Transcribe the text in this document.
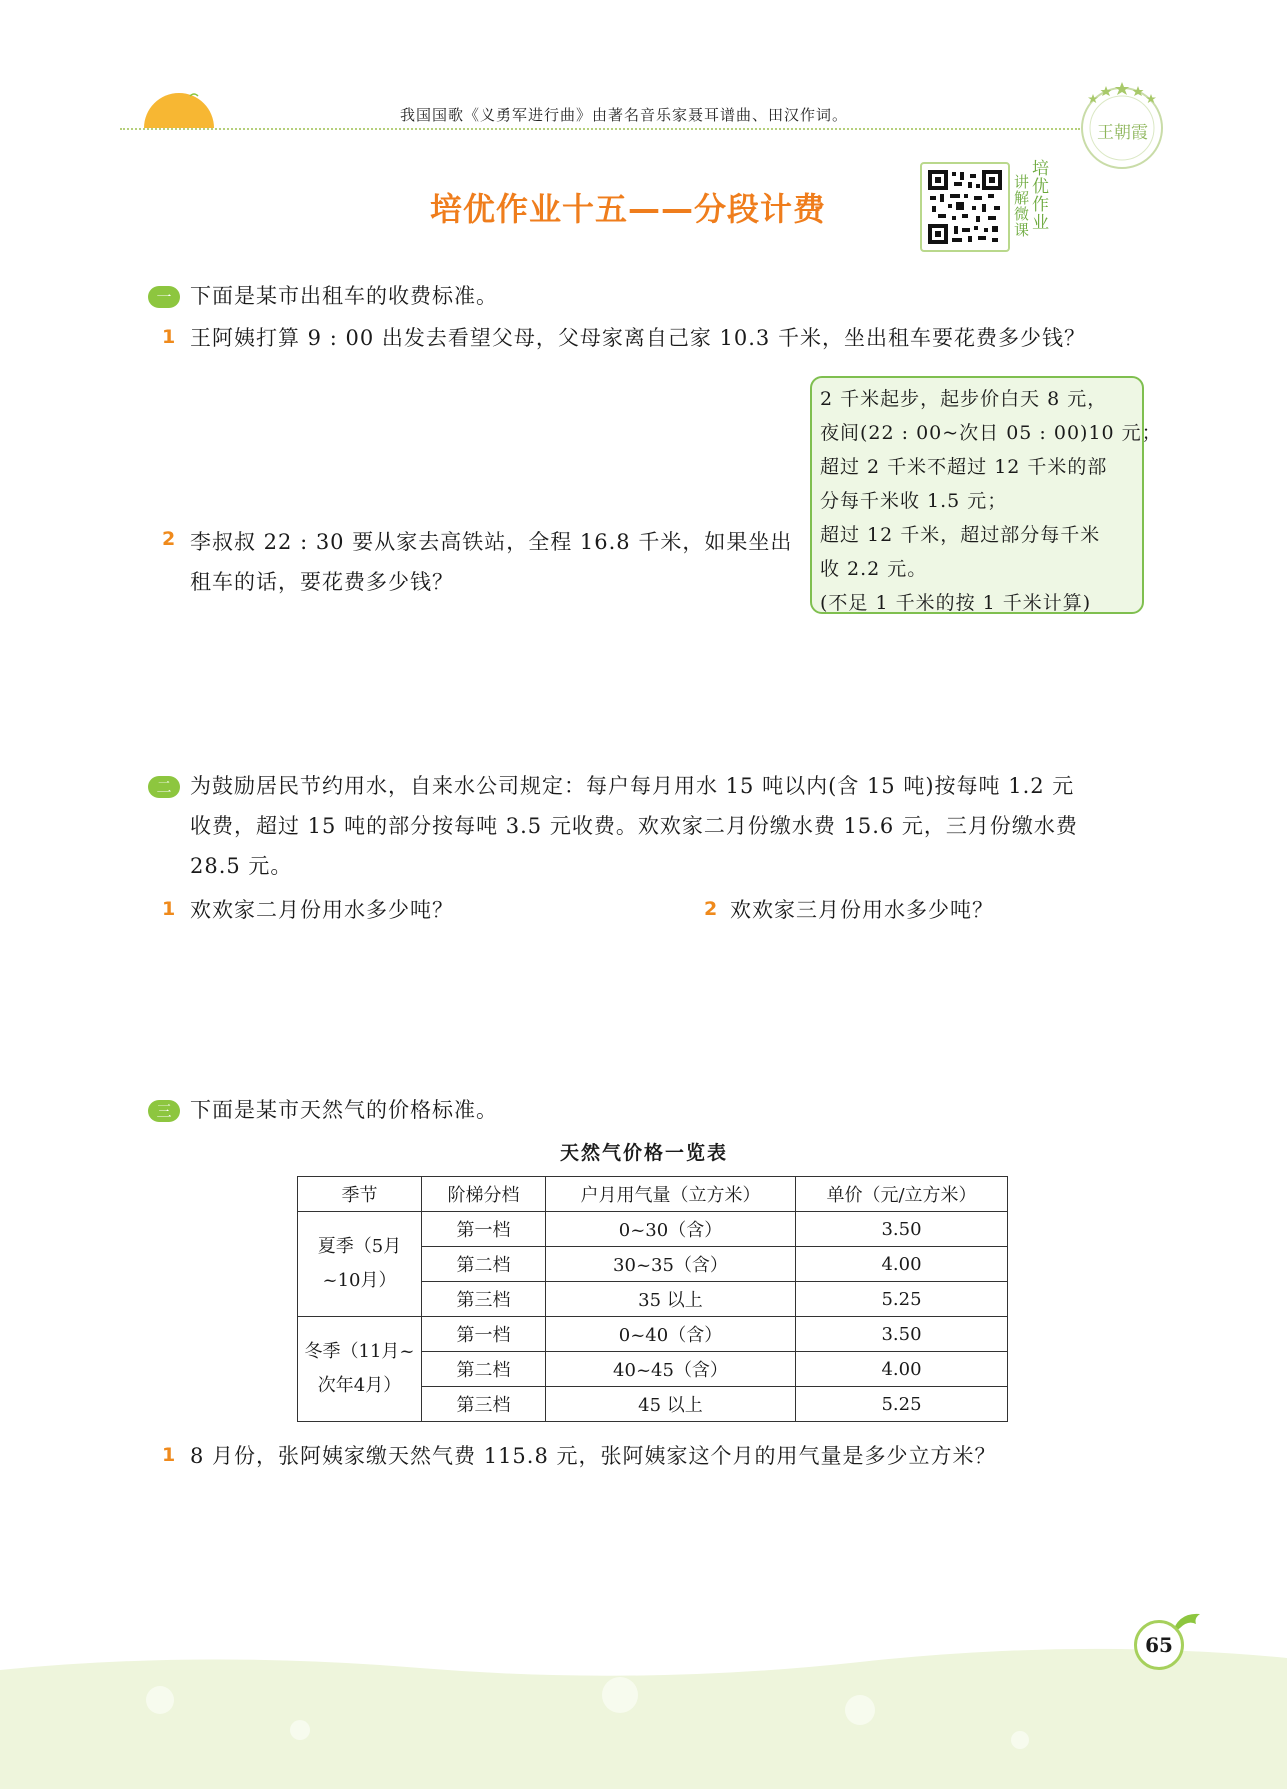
我国国歌《义勇军进行曲》由著名音乐家聂耳谱曲、田汉作词。
王朝霞
培优作业十五——分段计费
培优作业
讲解微课
一 下面是某市出租车的收费标准。
1 王阿姨打算 9 : 00 出发去看望父母，父母家离自己家 10.3 千米，坐出租车要花费多少钱？

2 千米起步，起步价白天 8 元，

夜间(22 : 00~次日 05 : 00)10 元；

超过 2 千米不超过 12 千米的部

分每千米收 1.5 元；

超过 12 千米，超过部分每千米

收 2.2 元。

(不足 1 千米的按 1 千米计算)

2 李叔叔 22 : 30 要从家去高铁站，全程 16.8 千米，如果坐出
租车的话，要花费多少钱？
二 为鼓励居民节约用水，自来水公司规定：每户每月用水 15 吨以内(含 15 吨)按每吨 1.2 元
收费，超过 15 吨的部分按每吨 3.5 元收费。欢欢家二月份缴水费 15.6 元，三月份缴水费
28.5 元。
1 欢欢家二月份用水多少吨？	2 欢欢家三月份用水多少吨？
三 下面是某市天然气的价格标准。
天然气价格一览表
季节	阶梯分档	户月用气量（立方米）	单价（元/立方米）
夏季（5月~10月）	第一档	0~30（含）	3.50
	第二档	30~35（含）	4.00
	第三档	35 以上	5.25
冬季（11月~次年4月）	第一档	0~40（含）	3.50
	第二档	40~45（含）	4.00
	第三档	45 以上	5.25
1 8 月份，张阿姨家缴天然气费 115.8 元，张阿姨家这个月的用气量是多少立方米？
65
